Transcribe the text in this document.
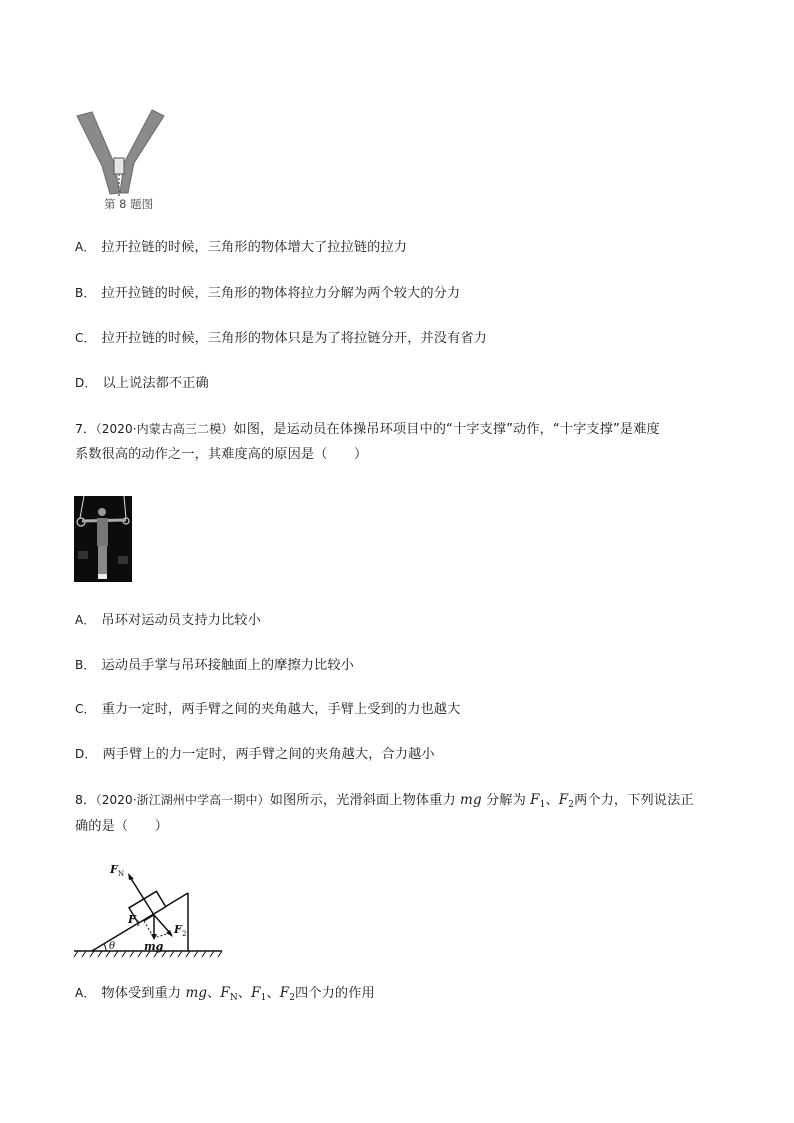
第 8 题图
A． 拉开拉链的时候，三角形的物体增大了拉拉链的拉力
B． 拉开拉链的时候，三角形的物体将拉力分解为两个较大的分力
C． 拉开拉链的时候，三角形的物体只是为了将拉链分开，并没有省力
D． 以上说法都不正确
7．（2020·内蒙古高三二模）如图，是运动员在体操吊环项目中的“十字支撑”动作，“十字支撑”是难度
系数很高的动作之一，其难度高的原因是（　　）
A． 吊环对运动员支持力比较小
B． 运动员手掌与吊环接触面上的摩擦力比较小
C． 重力一定时，两手臂之间的夹角越大，手臂上受到的力也越大
D． 两手臂上的力一定时，两手臂之间的夹角越大，合力越小
8．（2020·浙江湖州中学高一期中）如图所示，光滑斜面上物体重力 mg 分解为 $F_1$、$F_2$两个力，下列说法正
确的是（　　）
F N
F 1	F 2
mg
θ
A． 物体受到重力 mg、$F_N$、$F_1$、$F_2$四个力的作用
